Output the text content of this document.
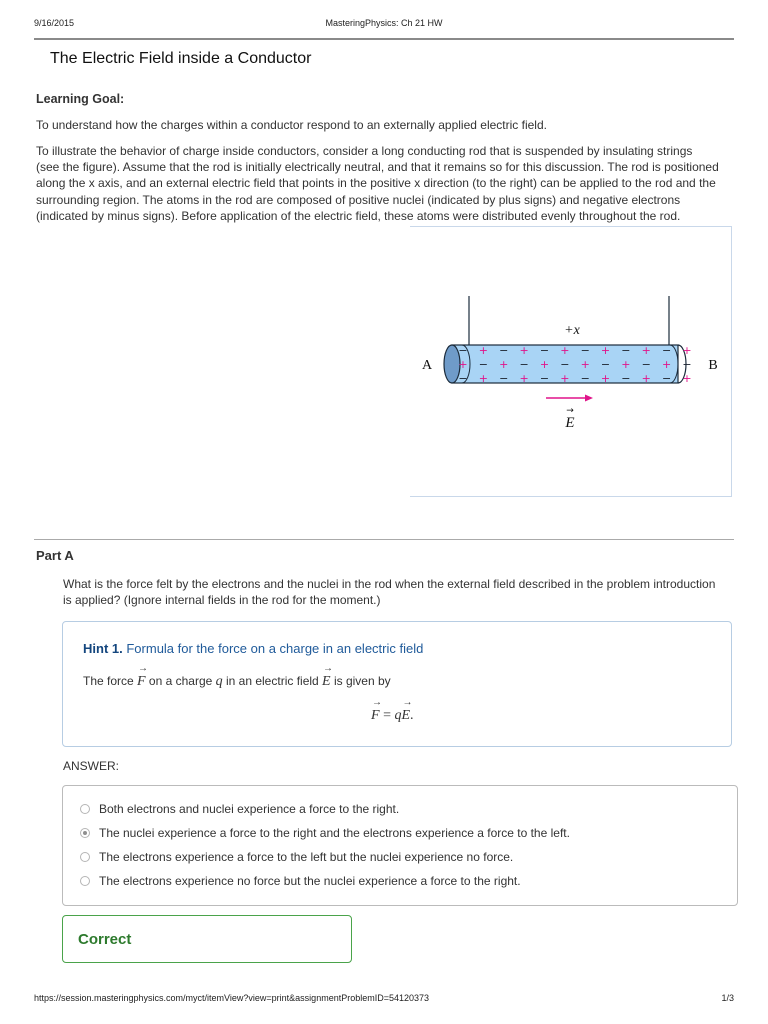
9/16/2015	MasteringPhysics: Ch 21 HW
The Electric Field inside a Conductor
Learning Goal:

To understand how the charges within a conductor respond to an externally applied electric field.

To illustrate the behavior of charge inside conductors, consider a long conducting rod that is suspended by insulating strings (see the figure). Assume that the rod is initially electrically neutral, and that it remains so for this discussion. The rod is positioned along the x axis, and an external electric field that points in the positive x direction (to the right) can be applied to the rod and the surrounding region. The atoms in the rod are composed of positive nuclei (indicated by plus signs) and negative electrons (indicated by minus signs). Before application of the electric field, these atoms were distributed evenly throughout the rod.

+x
− + − + − + − + − + − +
+ − + − + − + − + − + −
− + − + − + − + − + − +
A	B
→
E
Part A

What is the force felt by the electrons and the nuclei in the rod when the external field described in the problem introduction is applied? (Ignore internal fields in the rod for the moment.)

Hint 1. Formula for the force on a charge in an electric field
The force → F on a charge q in an electric field → E is given by
→ F = q→ E.
ANSWER:
Both electrons and nuclei experience a force to the right.
The nuclei experience a force to the right and the electrons experience a force to the left.
The electrons experience a force to the left but the nuclei experience no force.
The electrons experience no force but the nuclei experience a force to the right.
Correct
https://session.masteringphysics.com/myct/itemView?view=print&assignmentProblemID=54120373	1/3
